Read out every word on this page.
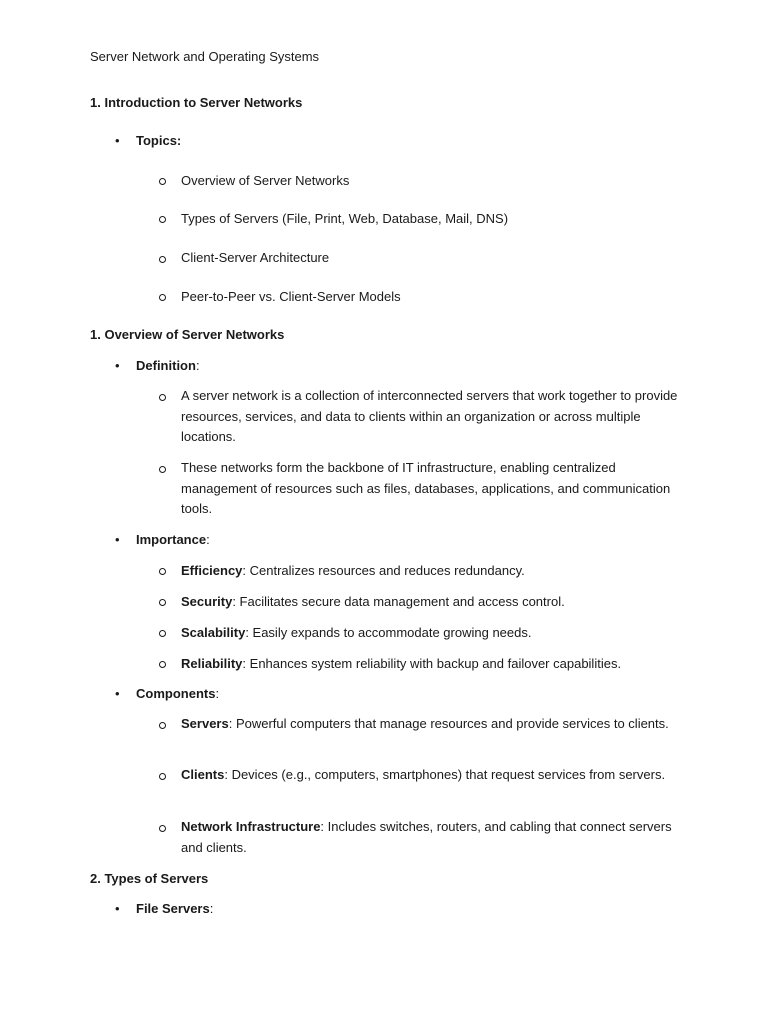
Server Network and Operating Systems
1. Introduction to Server Networks
• Topics:
Overview of Server Networks
Types of Servers (File, Print, Web, Database, Mail, DNS)
Client-Server Architecture
Peer-to-Peer vs. Client-Server Models
1. Overview of Server Networks
• Definition:
A server network is a collection of interconnected servers that work together to provide resources, services, and data to clients within an organization or across multiple locations.
These networks form the backbone of IT infrastructure, enabling centralized management of resources such as files, databases, applications, and communication tools.
• Importance:
Efficiency: Centralizes resources and reduces redundancy.
Security: Facilitates secure data management and access control.
Scalability: Easily expands to accommodate growing needs.
Reliability: Enhances system reliability with backup and failover capabilities.
• Components:
Servers: Powerful computers that manage resources and provide services to clients.
Clients: Devices (e.g., computers, smartphones) that request services from servers.
Network Infrastructure: Includes switches, routers, and cabling that connect servers and clients.
2. Types of Servers
• File Servers:
